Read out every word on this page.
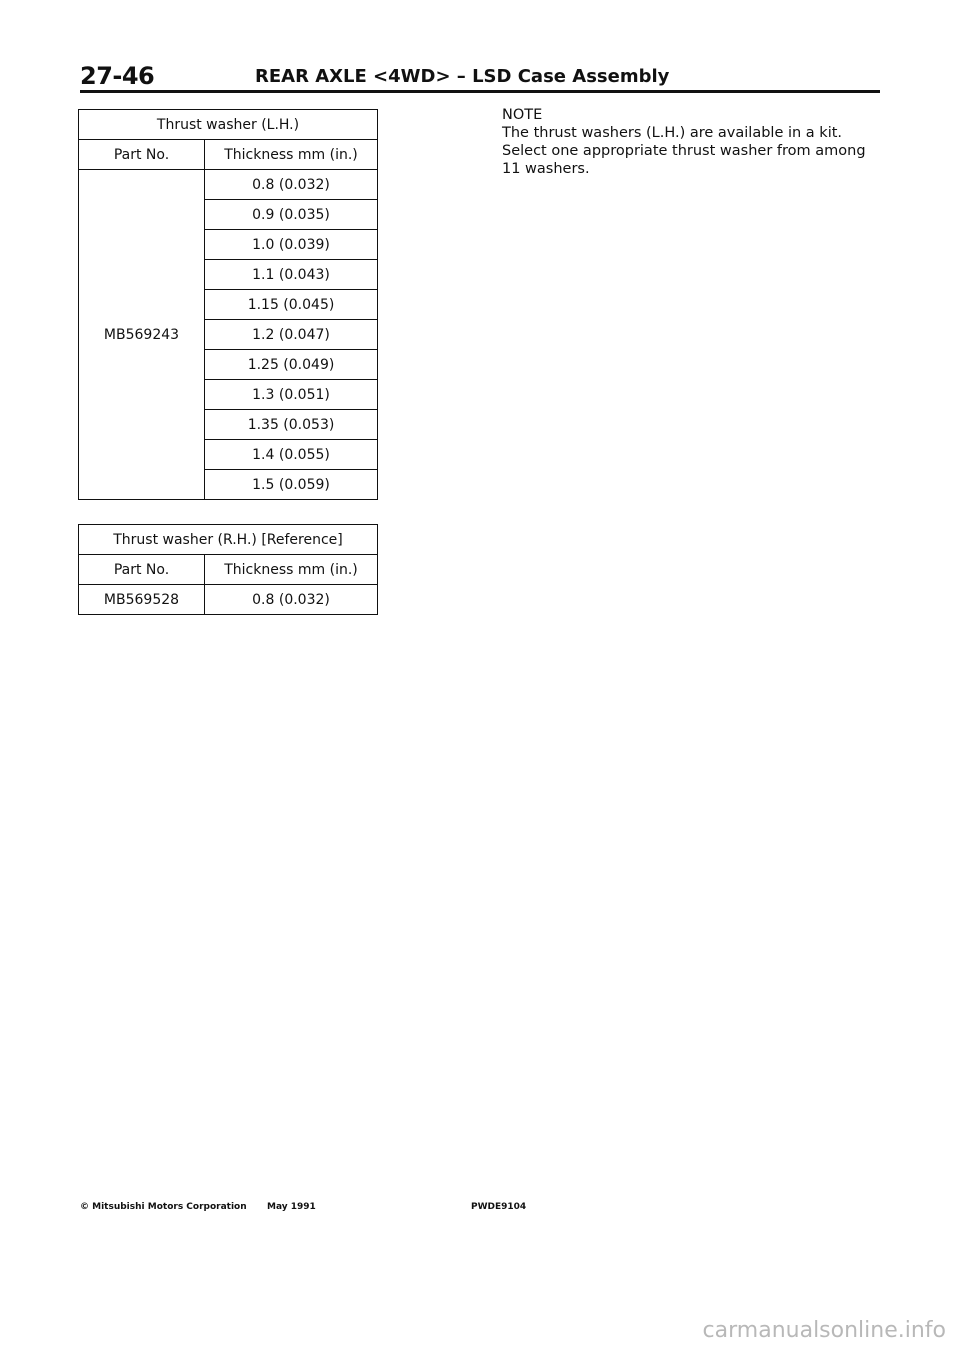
27-46	REAR AXLE <4WD> – LSD Case Assembly
Thrust washer (L.H.)	
Part No.	Thickness mm (in.)
MB569243	0.8 (0.032)
	0.9 (0.035)
	1.0 (0.039)
	1.1 (0.043)
	1.15 (0.045)
	1.2 (0.047)
	1.25 (0.049)
	1.3 (0.051)
	1.35 (0.053)
	1.4 (0.055)
	1.5 (0.059)
Thrust washer (R.H.) [Reference]	
Part No.	Thickness mm (in.)
MB569528	0.8 (0.032)

NOTE

The thrust washers (L.H.) are available in a kit. Select one appropriate thrust washer from among 11 washers.

© Mitsubishi Motors Corporation May 1991	PWDE9104
carmanualsonline.info
